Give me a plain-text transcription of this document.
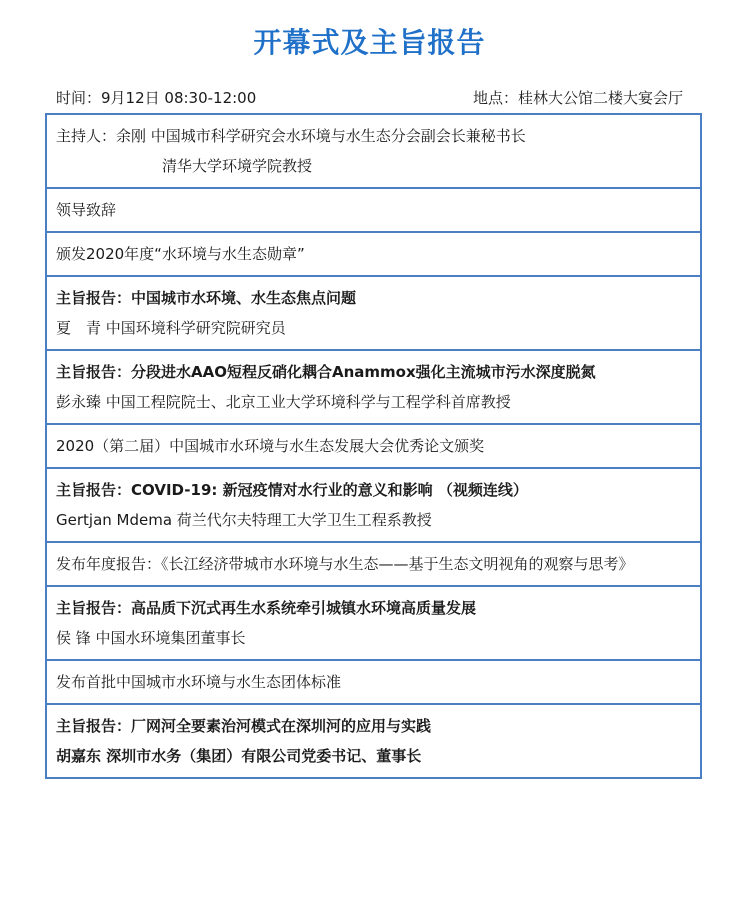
开幕式及主旨报告
时间：9月12日 08:30-12:00	地点：桂林大公馆二楼大宴会厅
主持人：余刚 中国城市科学研究会水环境与水生态分会副会长兼秘书长
清华大学环境学院教授
领导致辞
颁发2020年度“水环境与水生态勋章”
主旨报告：中国城市水环境、水生态焦点问题
夏　青 中国环境科学研究院研究员
主旨报告：分段进水AAO短程反硝化耦合Anammox强化主流城市污水深度脱氮
彭永臻 中国工程院院士、北京工业大学环境科学与工程学科首席教授
2020（第二届）中国城市水环境与水生态发展大会优秀论文颁奖
主旨报告：COVID-19: 新冠疫情对水行业的意义和影响 （视频连线）
Gertjan Mdema 荷兰代尔夫特理工大学卫生工程系教授
发布年度报告：《长江经济带城市水环境与水生态——基于生态文明视角的观察与思考》
主旨报告：高品质下沉式再生水系统牵引城镇水环境高质量发展
侯 锋 中国水环境集团董事长
发布首批中国城市水环境与水生态团体标准
主旨报告：厂网河全要素治河模式在深圳河的应用与实践
胡嘉东 深圳市水务（集团）有限公司党委书记、董事长
